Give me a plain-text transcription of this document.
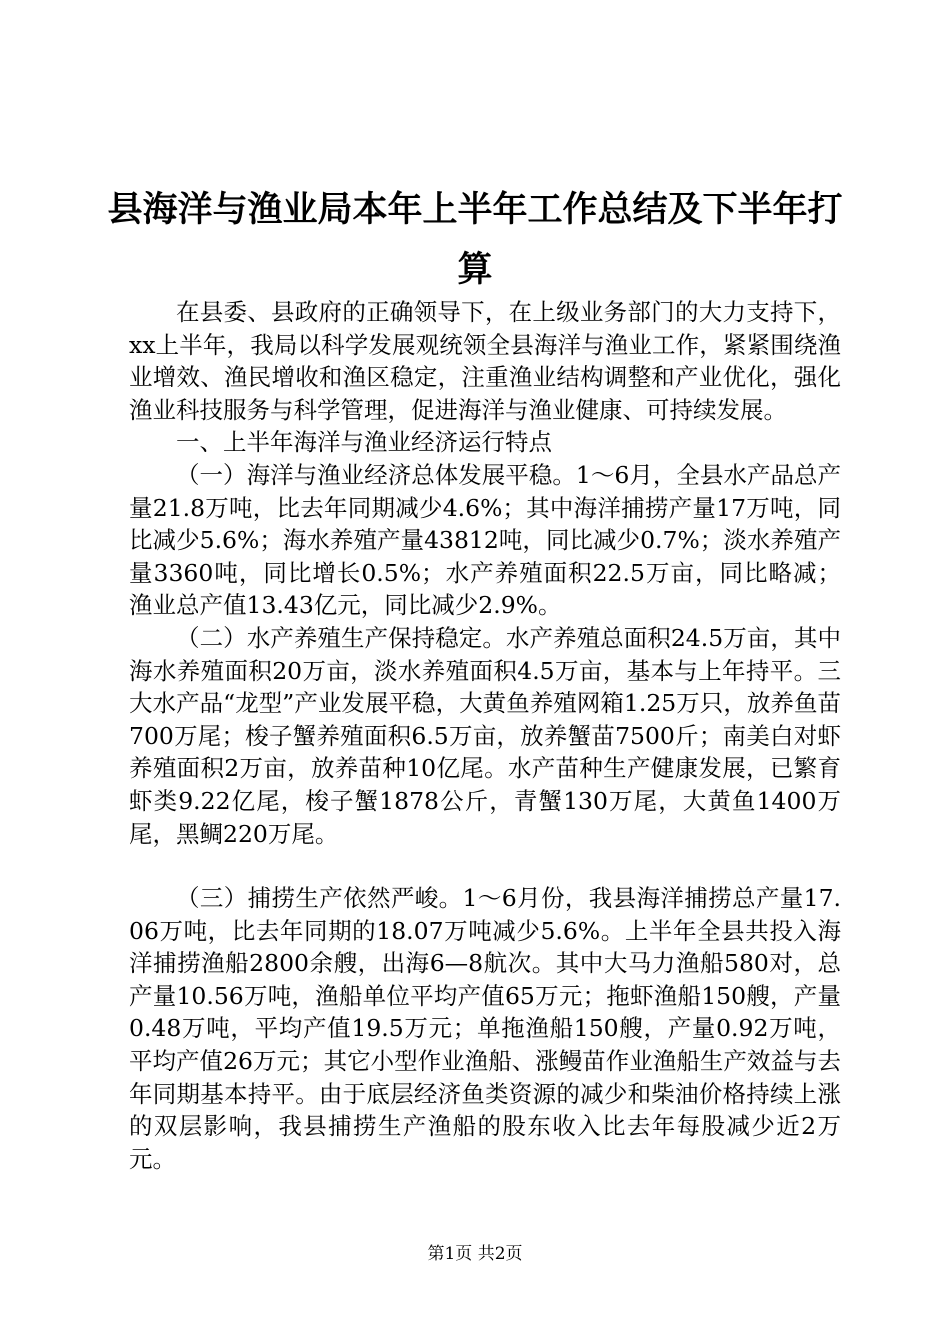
县海洋与渔业局本年上半年工作总结及下半年打算

在县委、县政府的正确领导下，在上级业务部门的大力支持下，xx上半年，我局以科学发展观统领全县海洋与渔业工作，紧紧围绕渔业增效、渔民增收和渔区稳定，注重渔业结构调整和产业优化，强化渔业科技服务与科学管理，促进海洋与渔业健康、可持续发展。

一、上半年海洋与渔业经济运行特点

（一）海洋与渔业经济总体发展平稳。1～6月，全县水产品总产量21.8万吨，比去年同期减少4.6%；其中海洋捕捞产量17万吨，同比减少5.6%；海水养殖产量43812吨，同比减少0.7%；淡水养殖产量3360吨，同比增长0.5%；水产养殖面积22.5万亩，同比略减；渔业总产值13.43亿元，同比减少2.9%。

（二）水产养殖生产保持稳定。水产养殖总面积24.5万亩，其中海水养殖面积20万亩，淡水养殖面积4.5万亩，基本与上年持平。三大水产品“龙型”产业发展平稳，大黄鱼养殖网箱1.25万只，放养鱼苗700万尾；梭子蟹养殖面积6.5万亩，放养蟹苗7500斤；南美白对虾养殖面积2万亩，放养苗种10亿尾。水产苗种生产健康发展，已繁育虾类9.22亿尾，梭子蟹1878公斤，青蟹130万尾，大黄鱼1400万尾，黑鲷220万尾。

（三）捕捞生产依然严峻。1～6月份，我县海洋捕捞总产量17.06万吨，比去年同期的18.07万吨减少5.6%。上半年全县共投入海洋捕捞渔船2800余艘，出海6—8航次。其中大马力渔船580对，总产量10.56万吨，渔船单位平均产值65万元；拖虾渔船150艘，产量0.48万吨，平均产值19.5万元；单拖渔船150艘，产量0.92万吨，平均产值26万元；其它小型作业渔船、涨鳗苗作业渔船生产效益与去年同期基本持平。由于底层经济鱼类资源的减少和柴油价格持续上涨的双层影响，我县捕捞生产渔船的股东收入比去年每股减少近2万元。

第1页 共2页
